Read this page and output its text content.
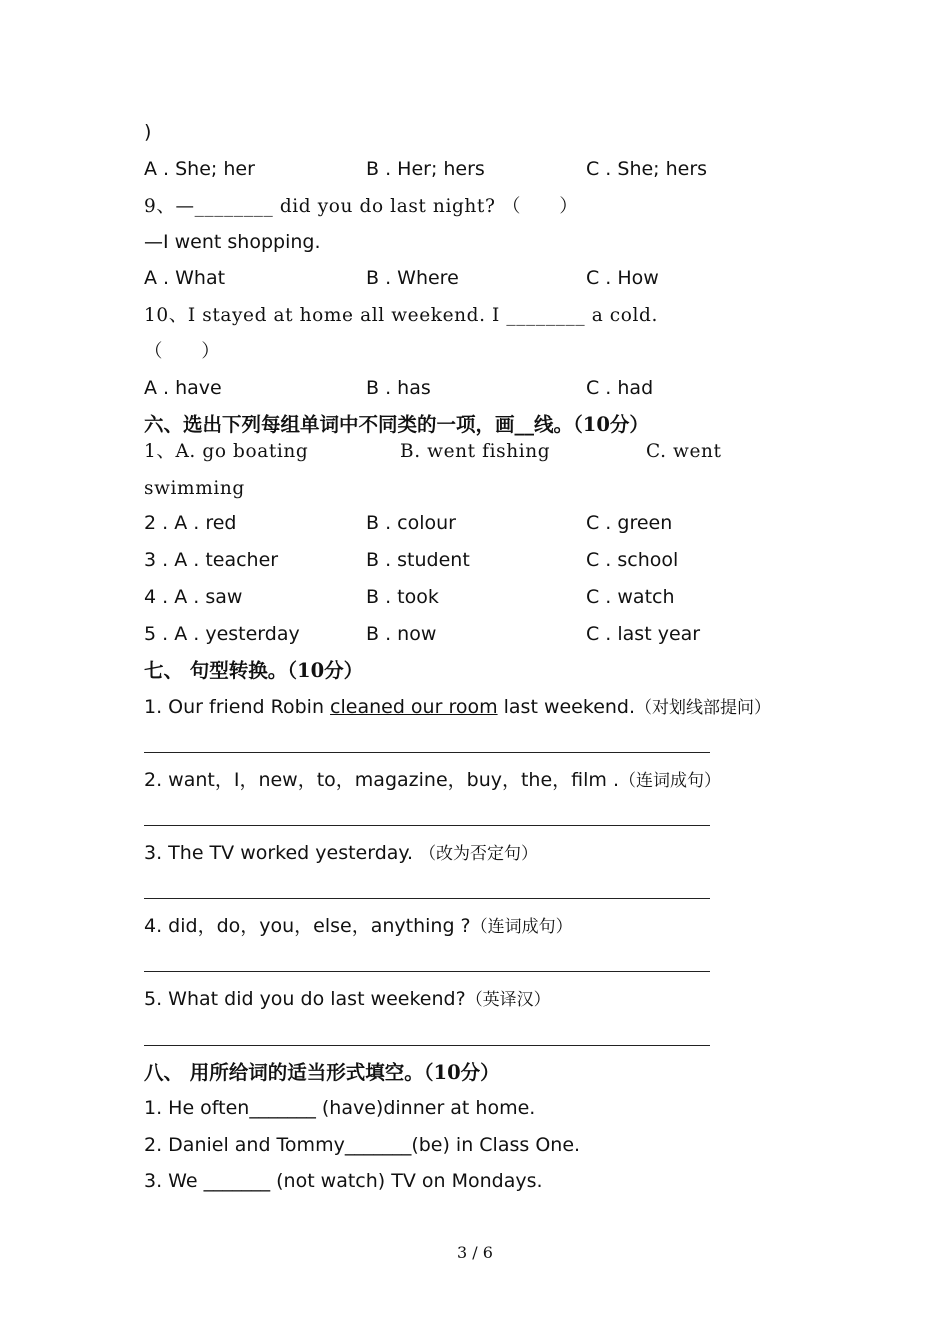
)
A . She; her	B . Her; hers	C . She; hers
9、—________ did you do last night? （　　）
—I went shopping.
A . What	B . Where	C . How
10、I stayed at home all weekend. I ________ a cold.
（　　）
A . have	B . has	C . had
六、选出下列每组单词中不同类的一项，画__线。（10分）
1、A. go boating	B. went fishing	C. went
swimming
2 . A . red	B . colour	C . green
3 . A . teacher	B . student	C . school
4 . A . saw	B . took	C . watch
5 . A . yesterday	B . now	C . last year
七、 句型转换。（10分）
1. Our friend Robin cleaned our room last weekend.（对划线部提问）
2. want，I，new，to，magazine，buy，the，film .（连词成句）
3. The TV worked yesterday. （改为否定句）
4. did，do，you，else，anything ?（连词成句）
5. What did you do last weekend?（英译汉）
八、 用所给词的适当形式填空。（10分）
1. He often_______ (have)dinner at home.
2. Daniel and Tommy_______(be) in Class One.
3. We _______ (not watch) TV on Mondays.
3 / 6
